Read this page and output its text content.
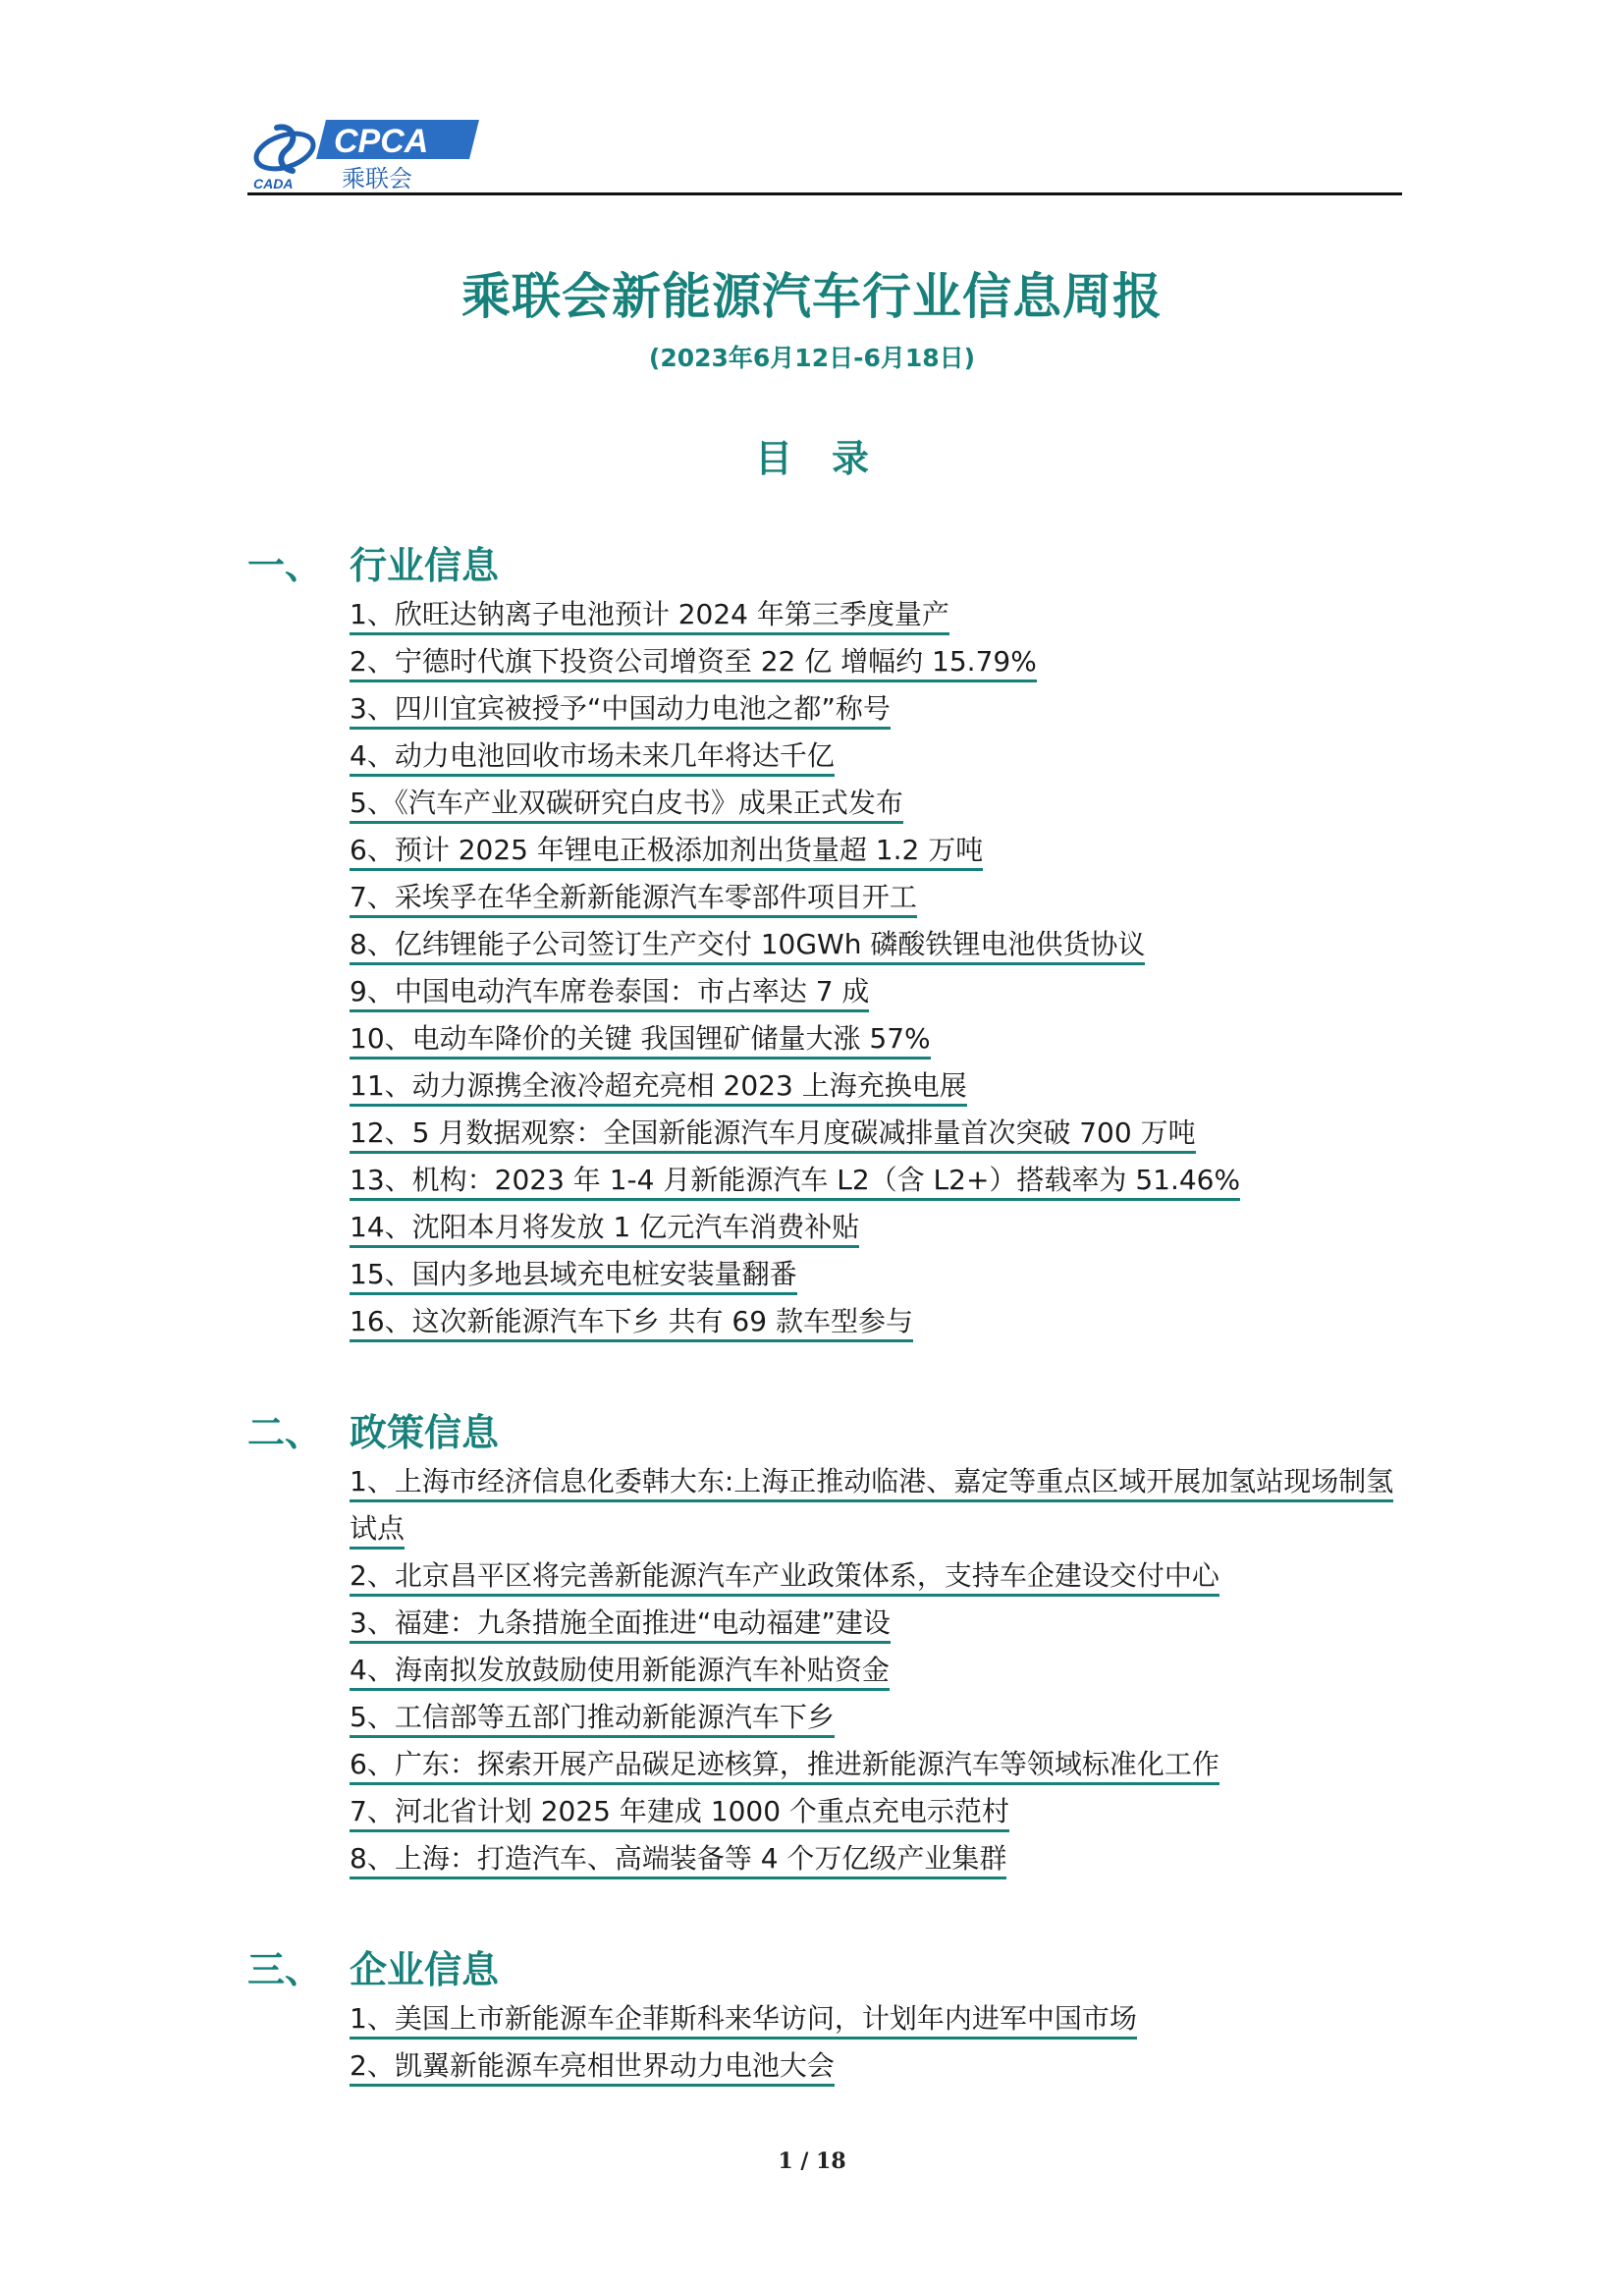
CADA
CPCA
乘联会
乘联会新能源汽车行业信息周报
(2023年6月12日-6月18日)
目录
一、 行业信息
1、欣旺达钠离子电池预计 2024 年第三季度量产
2、宁德时代旗下投资公司增资至 22 亿 增幅约 15.79%
3、四川宜宾被授予“中国动力电池之都”称号
4、动力电池回收市场未来几年将达千亿
5、《汽车产业双碳研究白皮书》成果正式发布
6、预计 2025 年锂电正极添加剂出货量超 1.2 万吨
7、采埃孚在华全新新能源汽车零部件项目开工
8、亿纬锂能子公司签订生产交付 10GWh 磷酸铁锂电池供货协议
9、中国电动汽车席卷泰国：市占率达 7 成
10、电动车降价的关键 我国锂矿储量大涨 57%
11、动力源携全液冷超充亮相 2023 上海充换电展
12、5 月数据观察：全国新能源汽车月度碳减排量首次突破 700 万吨
13、机构：2023 年 1-4 月新能源汽车 L2（含 L2+）搭载率为 51.46%
14、沈阳本月将发放 1 亿元汽车消费补贴
15、国内多地县域充电桩安装量翻番
16、这次新能源汽车下乡 共有 69 款车型参与
二、 政策信息
1、上海市经济信息化委韩大东:上海正推动临港、嘉定等重点区域开展加氢站现场制氢试点
2、北京昌平区将完善新能源汽车产业政策体系，支持车企建设交付中心
3、福建：九条措施全面推进“电动福建”建设
4、海南拟发放鼓励使用新能源汽车补贴资金
5、工信部等五部门推动新能源汽车下乡
6、广东：探索开展产品碳足迹核算，推进新能源汽车等领域标准化工作
7、河北省计划 2025 年建成 1000 个重点充电示范村
8、上海：打造汽车、高端装备等 4 个万亿级产业集群
三、 企业信息
1、美国上市新能源车企菲斯科来华访问，计划年内进军中国市场
2、凯翼新能源车亮相世界动力电池大会
1 / 18
